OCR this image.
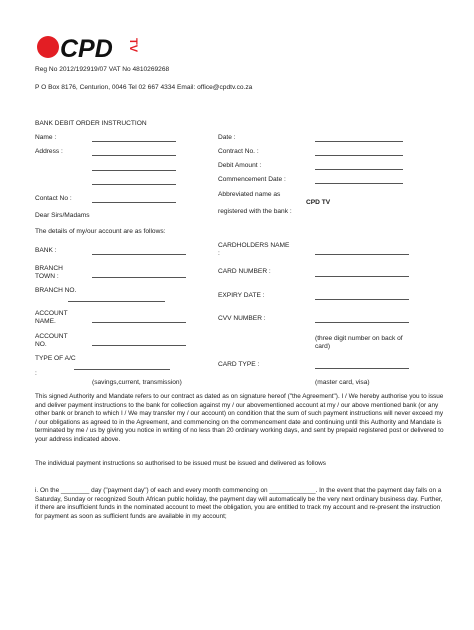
CPD TV
Reg No 2012/192919/07 VAT No 4810269268
P O Box 8176, Centurion, 0046 Tel 02 667 4334 Email: office@cpdtv.co.za
BANK DEBIT ORDER INSTRUCTION
Name :
Address :
Contact No :
Dear Sirs/Madams
The details of my/our account are as follows:
BANK :
BRANCH
TOWN :
BRANCH NO.
ACCOUNT
NAME.
ACCOUNT
NO.
TYPE OF A/C
:
(savings,current, transmission)
Date :
Contract No. :
Debit Amount :
Commencement Date :
Abbreviated name as
registered with the bank :
CPD TV
CARDHOLDERS NAME
:
CARD NUMBER :
EXPIRY DATE :
CVV NUMBER :
(three digit number on back of
card)
CARD TYPE :
(master card, visa)
This signed Authority and Mandate refers to our contract as dated as on signature hereof ("the Agreement"). I / We hereby authorise you to issue and deliver payment instructions to the bank for collection against my / our abovementioned account at my / our above mentioned bank (or any other bank or branch to which I / We may transfer my / our account) on condition that the sum of such payment instructions will never exceed my / our obligations as agreed to in the Agreement, and commencing on the commencement date and continuing until this Authority and Mandate is terminated by me / us by giving you notice in writing of no less than 20 ordinary working days, and sent by prepaid registered post or delivered to your address indicated above.
The individual payment instructions so authorised to be issued must be issued and delivered as follows
i. On the ________ day ("payment day") of each and every month commencing on _____________. In the event that the payment day falls on a Saturday, Sunday or recognized South African public holiday, the payment day will automatically be the very next ordinary business day. Further, if there are insufficient funds in the nominated account to meet the obligation, you are entitled to track my account and re-present the instruction for payment as soon as sufficient funds are available in my account;
